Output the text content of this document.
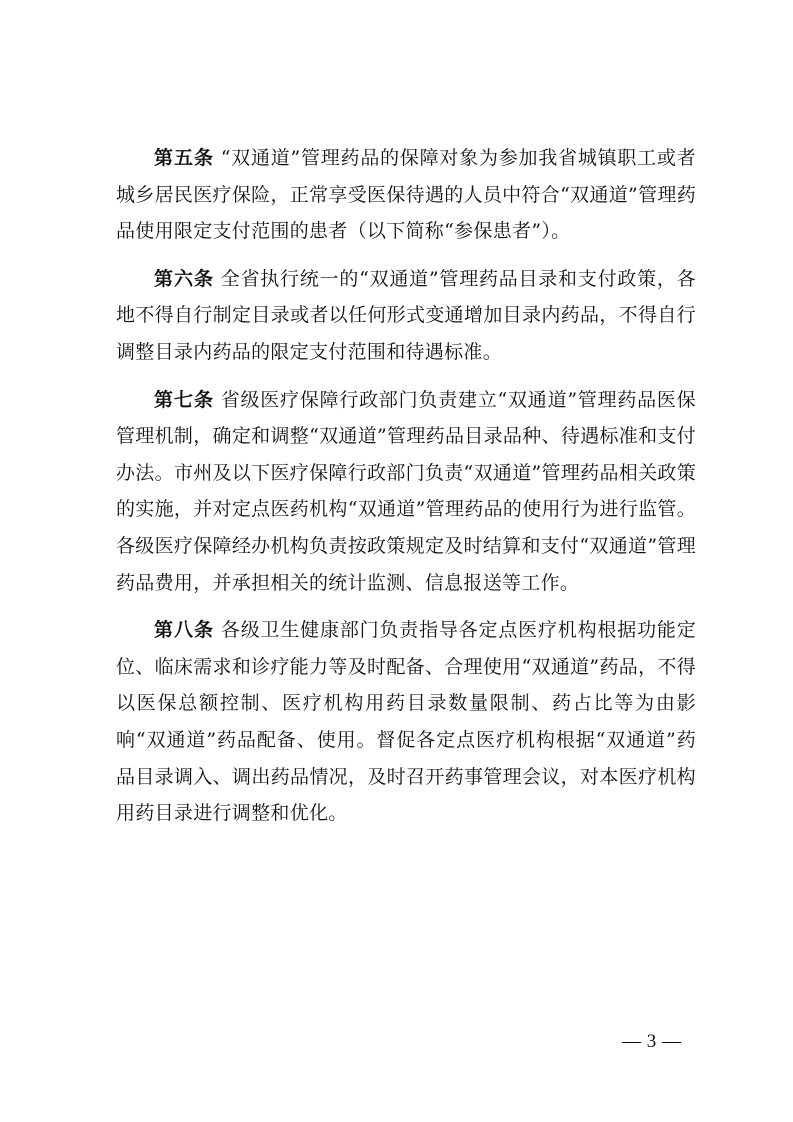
第五条 “双通道”管理药品的保障对象为参加我省城镇职工或者城乡居民医疗保险，正常享受医保待遇的人员中符合“双通道”管理药品使用限定支付范围的患者（以下简称“参保患者”）。

第六条 全省执行统一的“双通道”管理药品目录和支付政策，各地不得自行制定目录或者以任何形式变通增加目录内药品，不得自行调整目录内药品的限定支付范围和待遇标准。

第七条 省级医疗保障行政部门负责建立“双通道”管理药品医保管理机制，确定和调整“双通道”管理药品目录品种、待遇标准和支付办法。市州及以下医疗保障行政部门负责“双通道”管理药品相关政策的实施，并对定点医药机构“双通道”管理药品的使用行为进行监管。各级医疗保障经办机构负责按政策规定及时结算和支付“双通道”管理药品费用，并承担相关的统计监测、信息报送等工作。

第八条 各级卫生健康部门负责指导各定点医疗机构根据功能定位、临床需求和诊疗能力等及时配备、合理使用“双通道”药品，不得以医保总额控制、医疗机构用药目录数量限制、药占比等为由影响“双通道”药品配备、使用。督促各定点医疗机构根据“双通道”药品目录调入、调出药品情况，及时召开药事管理会议，对本医疗机构用药目录进行调整和优化。

— 3 —
